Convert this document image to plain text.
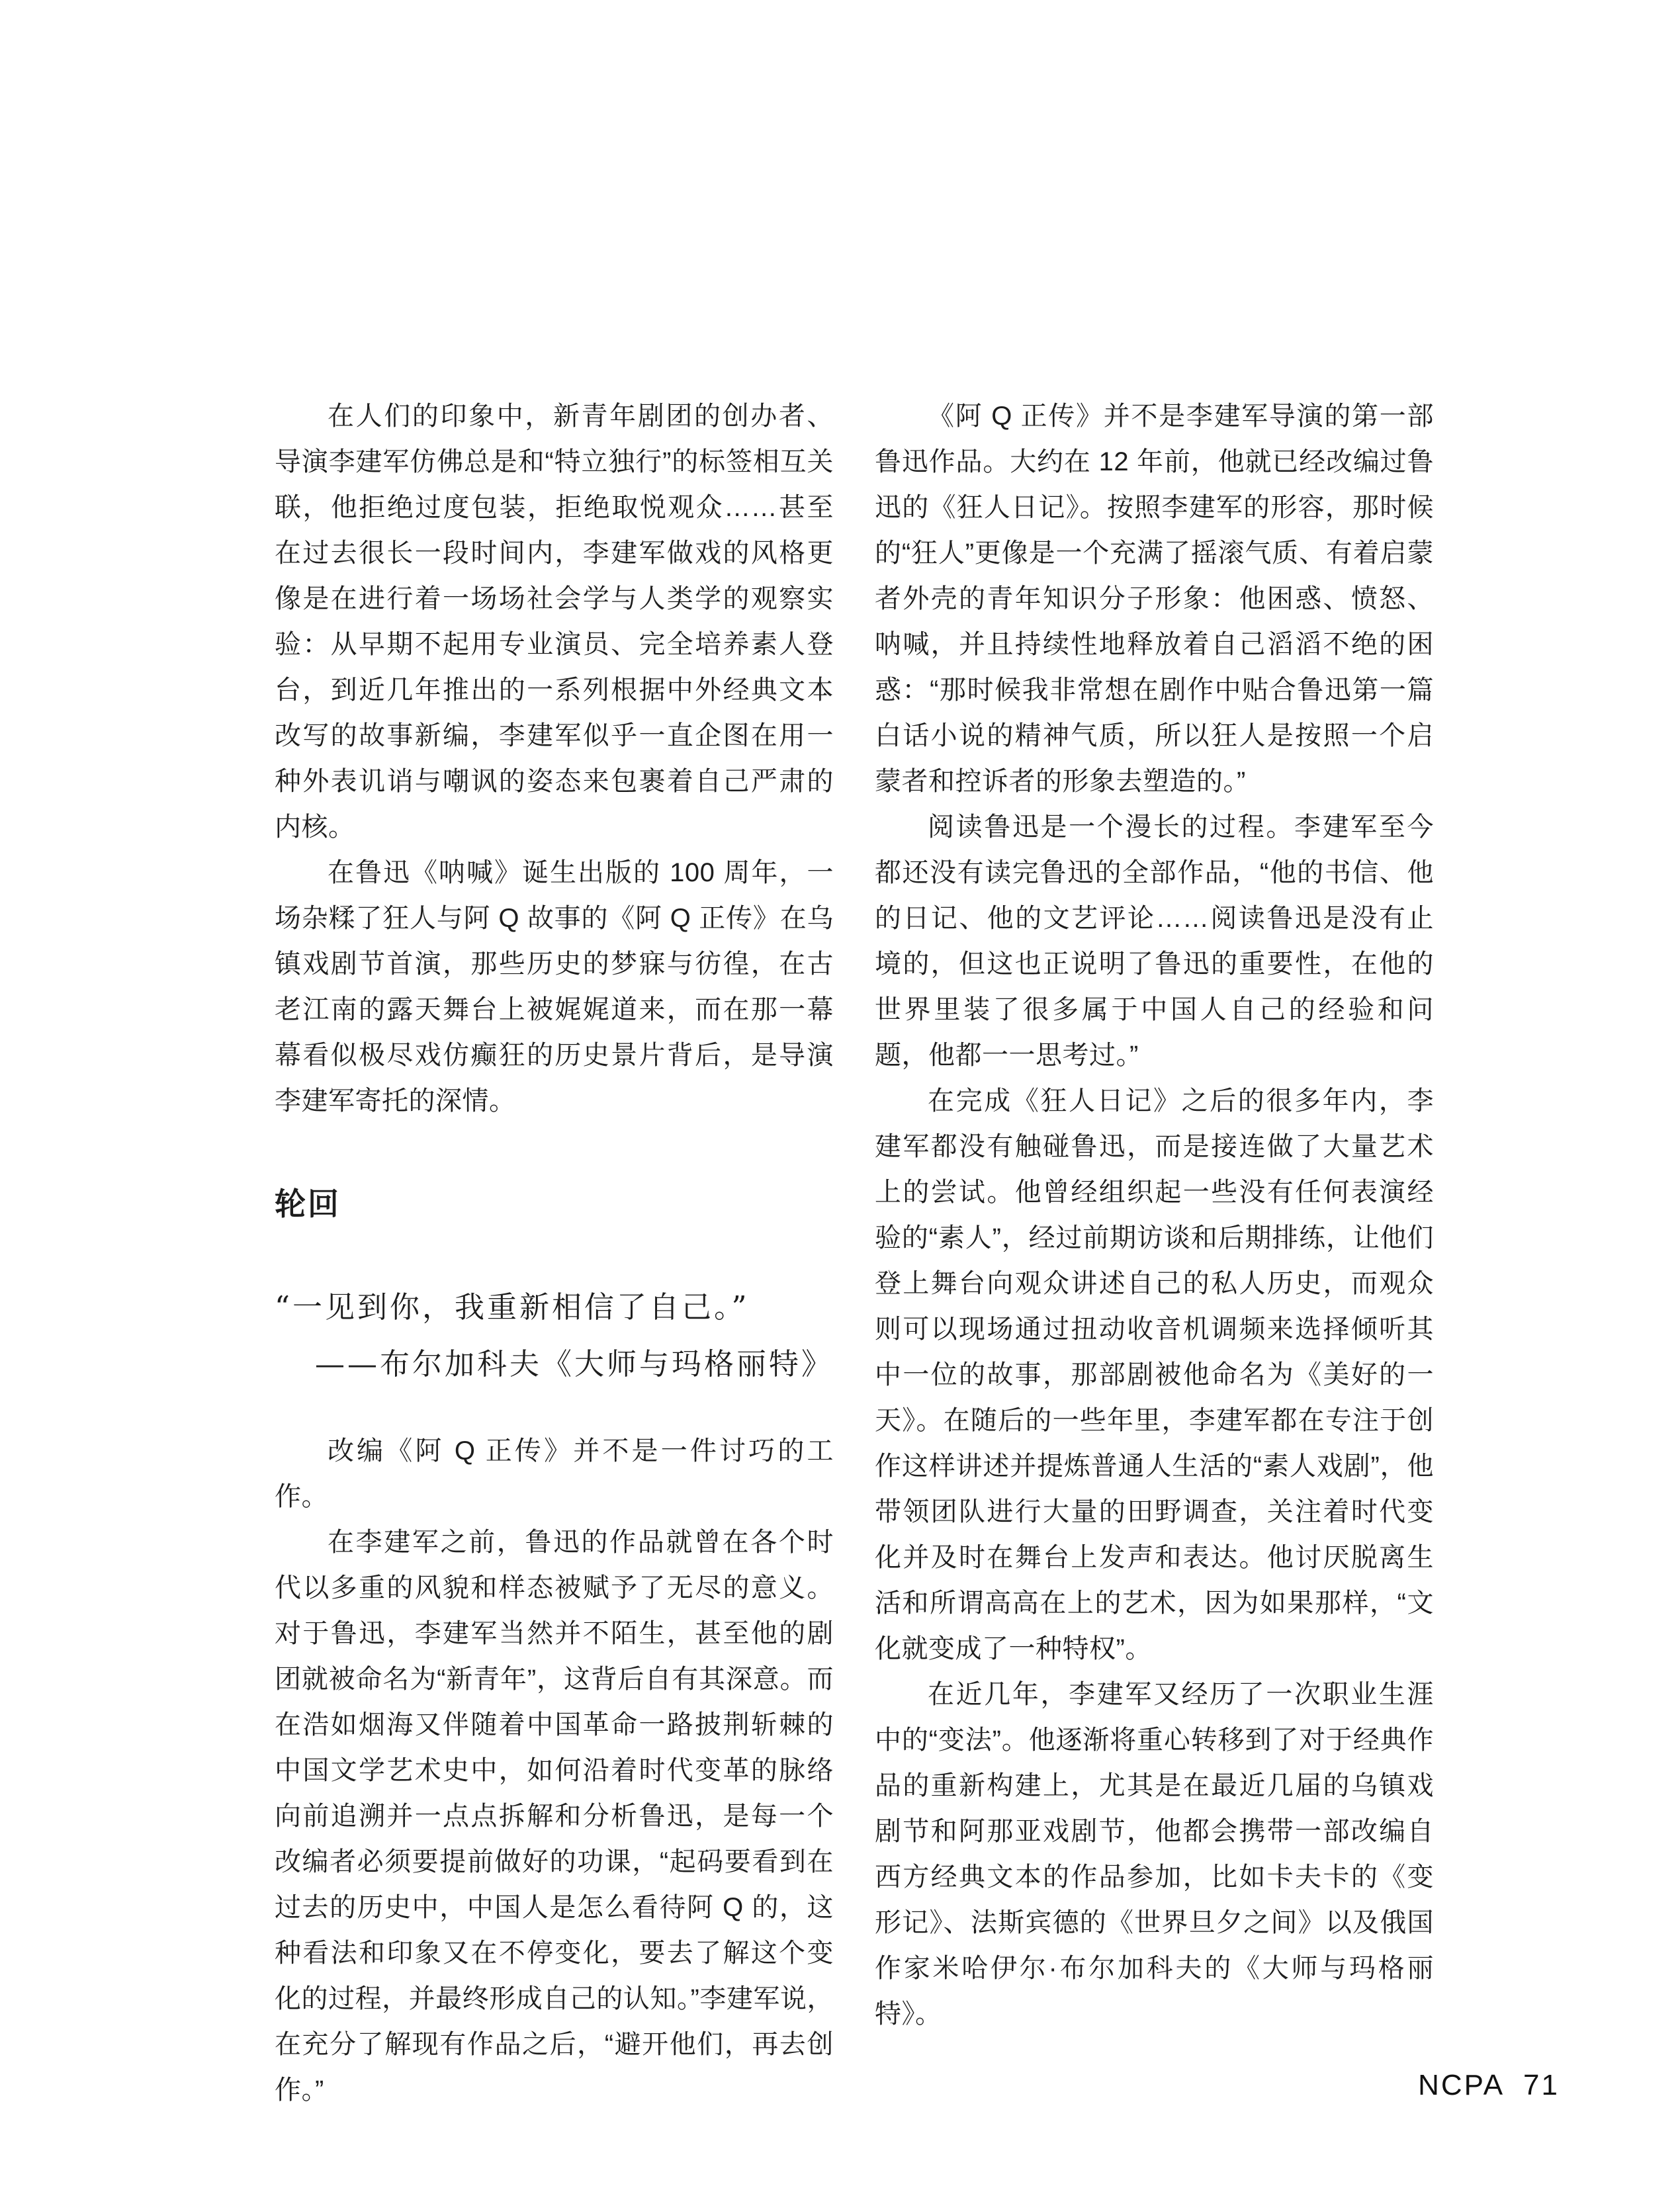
在人们的印象中，新青年剧团的创办者、导演李建军仿佛总是和“特立独行”的标签相互关联，他拒绝过度包装，拒绝取悦观众……甚至在过去很长一段时间内，李建军做戏的风格更像是在进行着一场场社会学与人类学的观察实验：从早期不起用专业演员、完全培养素人登台，到近几年推出的一系列根据中外经典文本改写的故事新编，李建军似乎一直企图在用一种外表讥诮与嘲讽的姿态来包裹着自己严肃的内核。

在鲁迅《呐喊》诞生出版的 100 周年，一场杂糅了狂人与阿 Q 故事的《阿 Q 正传》在乌镇戏剧节首演，那些历史的梦寐与彷徨，在古老江南的露天舞台上被娓娓道来，而在那一幕幕看似极尽戏仿癫狂的历史景片背后，是导演李建军寄托的深情。

轮回

“一见到你，我重新相信了自己。”

——布尔加科夫《大师与玛格丽特》

改编《阿 Q 正传》并不是一件讨巧的工作。

在李建军之前，鲁迅的作品就曾在各个时代以多重的风貌和样态被赋予了无尽的意义。对于鲁迅，李建军当然并不陌生，甚至他的剧团就被命名为“新青年”，这背后自有其深意。而在浩如烟海又伴随着中国革命一路披荆斩棘的中国文学艺术史中，如何沿着时代变革的脉络向前追溯并一点点拆解和分析鲁迅，是每一个改编者必须要提前做好的功课，“起码要看到在过去的历史中，中国人是怎么看待阿 Q 的，这种看法和印象又在不停变化，要去了解这个变化的过程，并最终形成自己的认知。”李建军说，在充分了解现有作品之后，“避开他们，再去创作。”

《阿 Q 正传》并不是李建军导演的第一部鲁迅作品。大约在 12 年前，他就已经改编过鲁迅的《狂人日记》。按照李建军的形容，那时候的“狂人”更像是一个充满了摇滚气质、有着启蒙者外壳的青年知识分子形象：他困惑、愤怒、呐喊，并且持续性地释放着自己滔滔不绝的困惑：“那时候我非常想在剧作中贴合鲁迅第一篇白话小说的精神气质，所以狂人是按照一个启蒙者和控诉者的形象去塑造的。”

阅读鲁迅是一个漫长的过程。李建军至今都还没有读完鲁迅的全部作品，“他的书信、他的日记、他的文艺评论……阅读鲁迅是没有止境的，但这也正说明了鲁迅的重要性，在他的世界里装了很多属于中国人自己的经验和问题，他都一一思考过。”

在完成《狂人日记》之后的很多年内，李建军都没有触碰鲁迅，而是接连做了大量艺术上的尝试。他曾经组织起一些没有任何表演经验的“素人”，经过前期访谈和后期排练，让他们登上舞台向观众讲述自己的私人历史，而观众则可以现场通过扭动收音机调频来选择倾听其中一位的故事，那部剧被他命名为《美好的一天》。在随后的一些年里，李建军都在专注于创作这样讲述并提炼普通人生活的“素人戏剧”，他带领团队进行大量的田野调查，关注着时代变化并及时在舞台上发声和表达。他讨厌脱离生活和所谓高高在上的艺术，因为如果那样，“文化就变成了一种特权”。

在近几年，李建军又经历了一次职业生涯中的“变法”。他逐渐将重心转移到了对于经典作品的重新构建上，尤其是在最近几届的乌镇戏剧节和阿那亚戏剧节，他都会携带一部改编自西方经典文本的作品参加，比如卡夫卡的《变形记》、法斯宾德的《世界旦夕之间》以及俄国作家米哈伊尔·布尔加科夫的《大师与玛格丽特》。

NCPA 71
